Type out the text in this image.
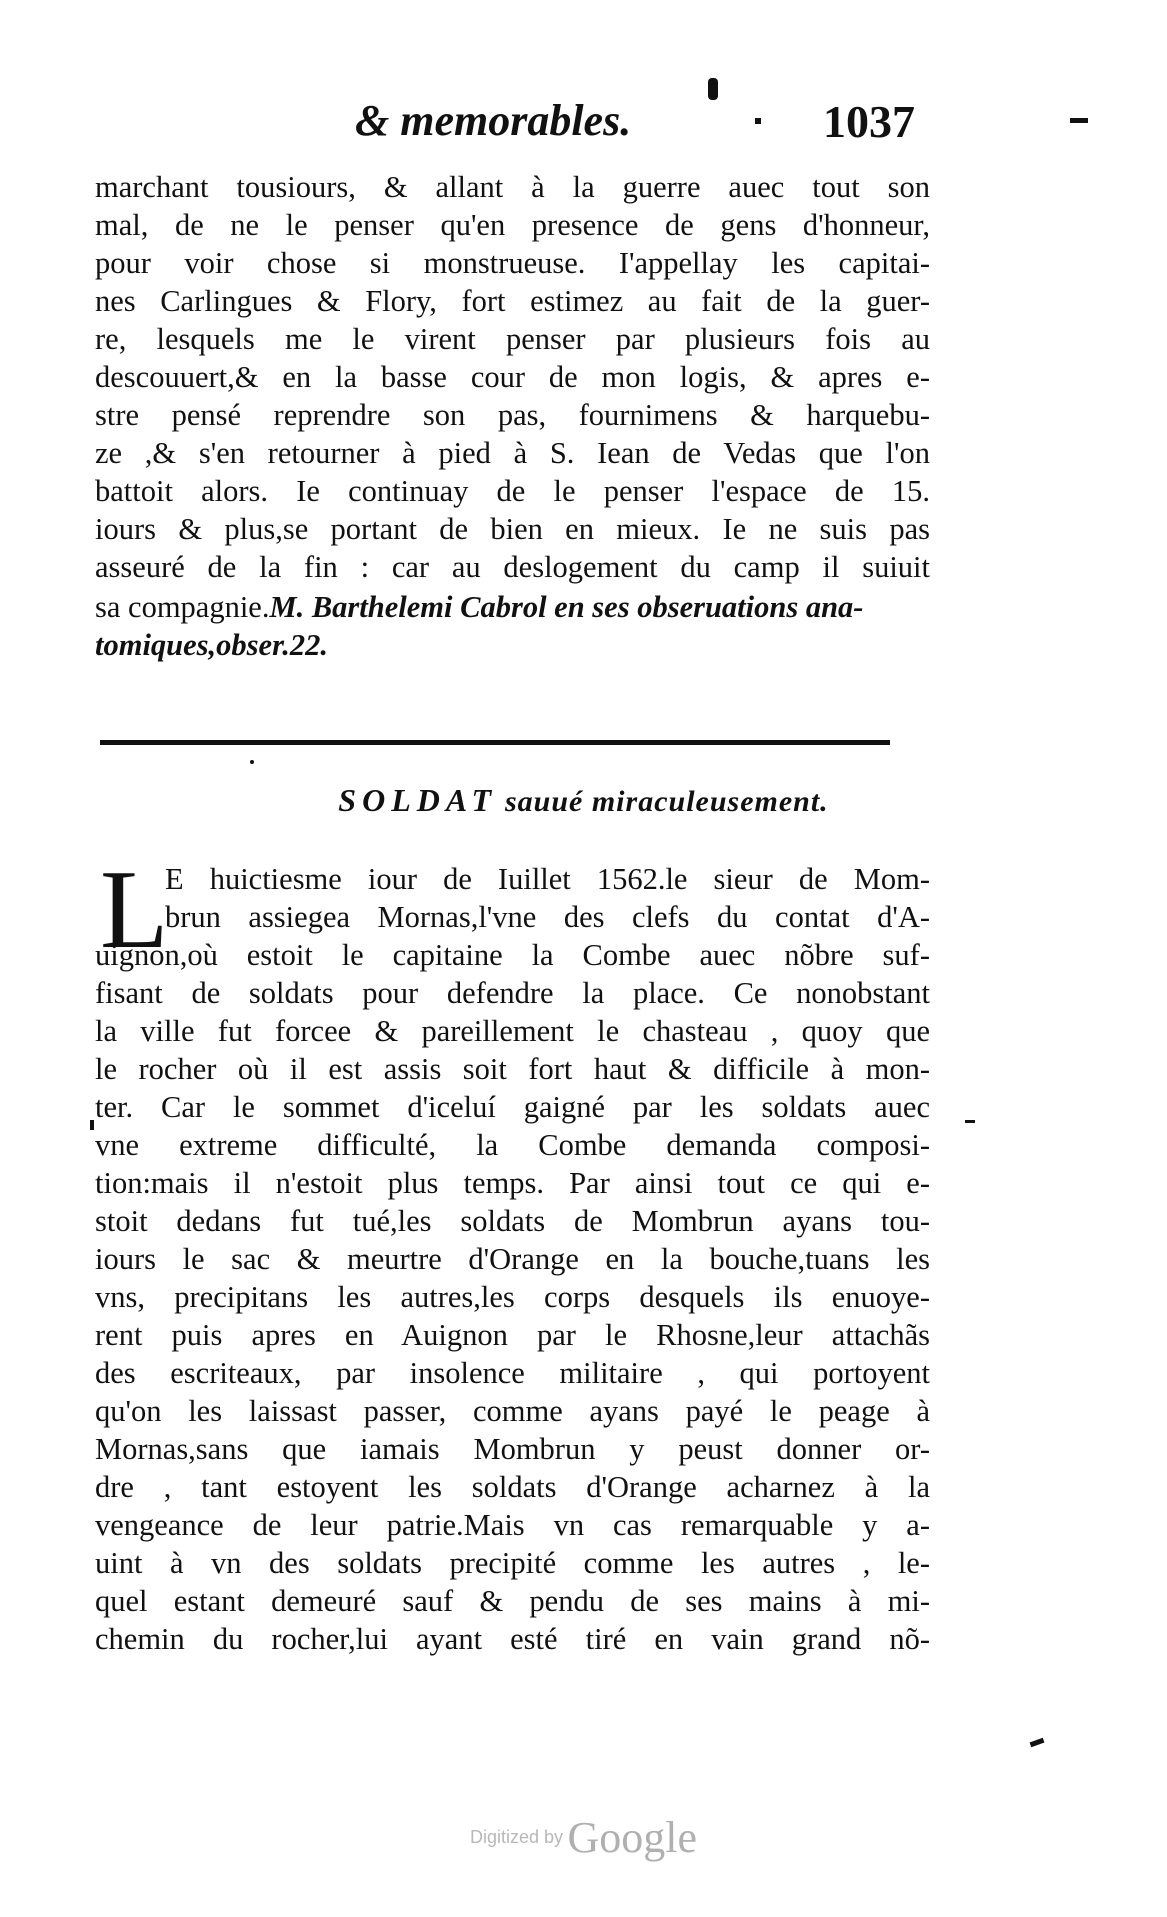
& memorables.	1037
marchant tousiours, & allant à la guerre auec tout son
mal, de ne le penser qu'en presence de gens d'honneur,
pour voir chose si monstrueuse. I'appellay les capitai-
nes Carlingues & Flory, fort estimez au fait de la guer-
re, lesquels me le virent penser par plusieurs fois au
descouuert,& en la basse cour de mon logis, & apres e-
stre pensé reprendre son pas, fournimens & harquebu-
ze ,& s'en retourner à pied à S. Iean de Vedas que l'on
battoit alors. Ie continuay de le penser l'espace de 15.
iours & plus,se portant de bien en mieux. Ie ne suis pas
asseuré de la fin : car au deslogement du camp il suiuit
sa compagnie.M. Barthelemi Cabrol en ses obseruations ana-
tomiques,obser.22.
SOLDAT sauué miraculeusement.
L
E huictiesme iour de Iuillet 1562.le sieur de Mom-
brun assiegea Mornas,l'vne des clefs du contat d'A-
uignon,où estoit le capitaine la Combe auec nõbre suf-
fisant de soldats pour defendre la place. Ce nonobstant
la ville fut forcee & pareillement le chasteau , quoy que
le rocher où il est assis soit fort haut & difficile à mon-
ter. Car le sommet d'iceluí gaigné par les soldats auec
vne extreme difficulté, la Combe demanda composi-
tion:mais il n'estoit plus temps. Par ainsi tout ce qui e-
stoit dedans fut tué,les soldats de Mombrun ayans tou-
iours le sac & meurtre d'Orange en la bouche,tuans les
vns, precipitans les autres,les corps desquels ils enuoye-
rent puis apres en Auignon par le Rhosne,leur attachãs
des escriteaux, par insolence militaire , qui portoyent
qu'on les laissast passer, comme ayans payé le peage à
Mornas,sans que iamais Mombrun y peust donner or-
dre , tant estoyent les soldats d'Orange acharnez à la
vengeance de leur patrie.Mais vn cas remarquable y a-
uint à vn des soldats precipité comme les autres , le-
quel estant demeuré sauf & pendu de ses mains à mi-
chemin du rocher,lui ayant esté tiré en vain grand nõ-
Digitized by Google
